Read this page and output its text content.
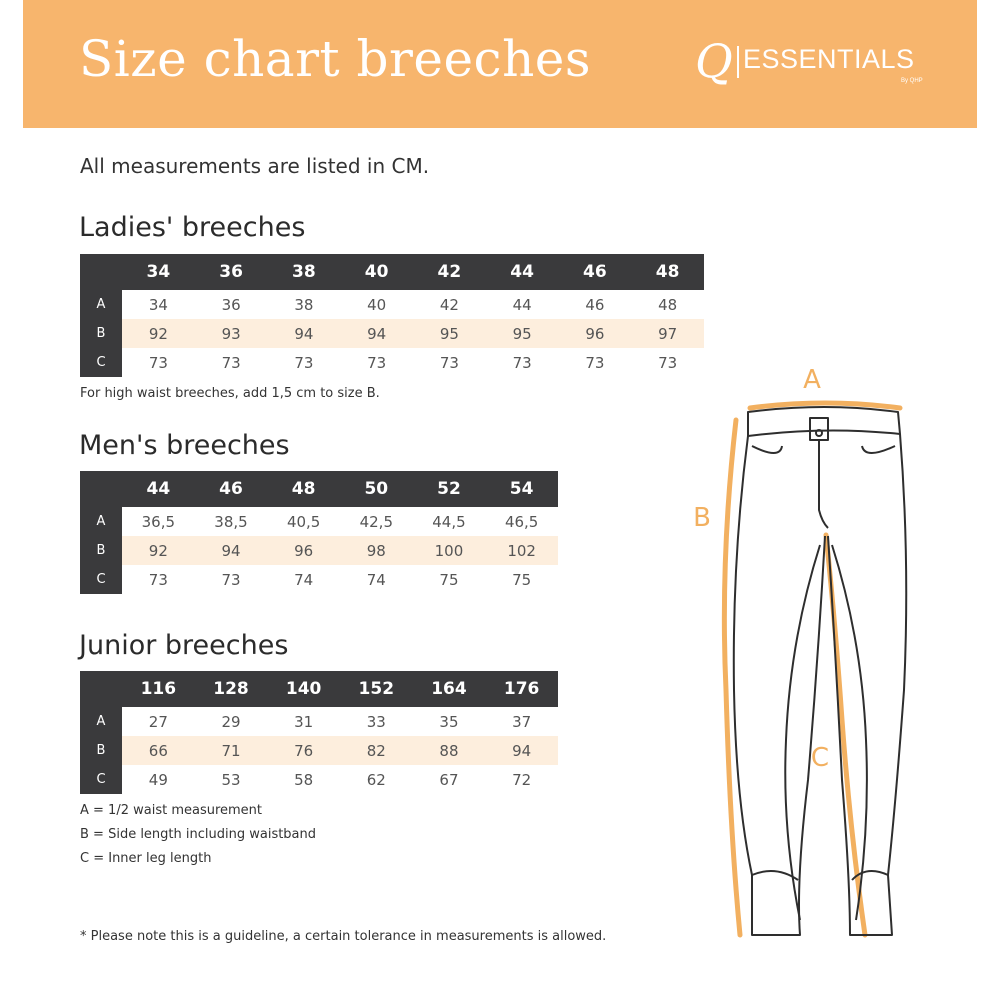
Size chart breeches Q ESSENTIALS
By QHP
All measurements are listed in CM.
Ladies' breeches
	34	36	38	40	42	44	46	48
A	34	36	38	40	42	44	46	48
B	92	93	94	94	95	95	96	97
C	73	73	73	73	73	73	73	73
For high waist breeches, add 1,5 cm to size B.
Men's breeches
	44	46	48	50	52	54
A	36,5	38,5	40,5	42,5	44,5	46,5
B	92	94	96	98	100	102
C	73	73	74	74	75	75
Junior breeches
	116	128	140	152	164	176
A	27	29	31	33	35	37
B	66	71	76	82	88	94
C	49	53	58	62	67	72
A = 1/2 waist measurement
B = Side length including waistband
C = Inner leg length
* Please note this is a guideline, a certain tolerance in measurements is allowed.
A
B
C
